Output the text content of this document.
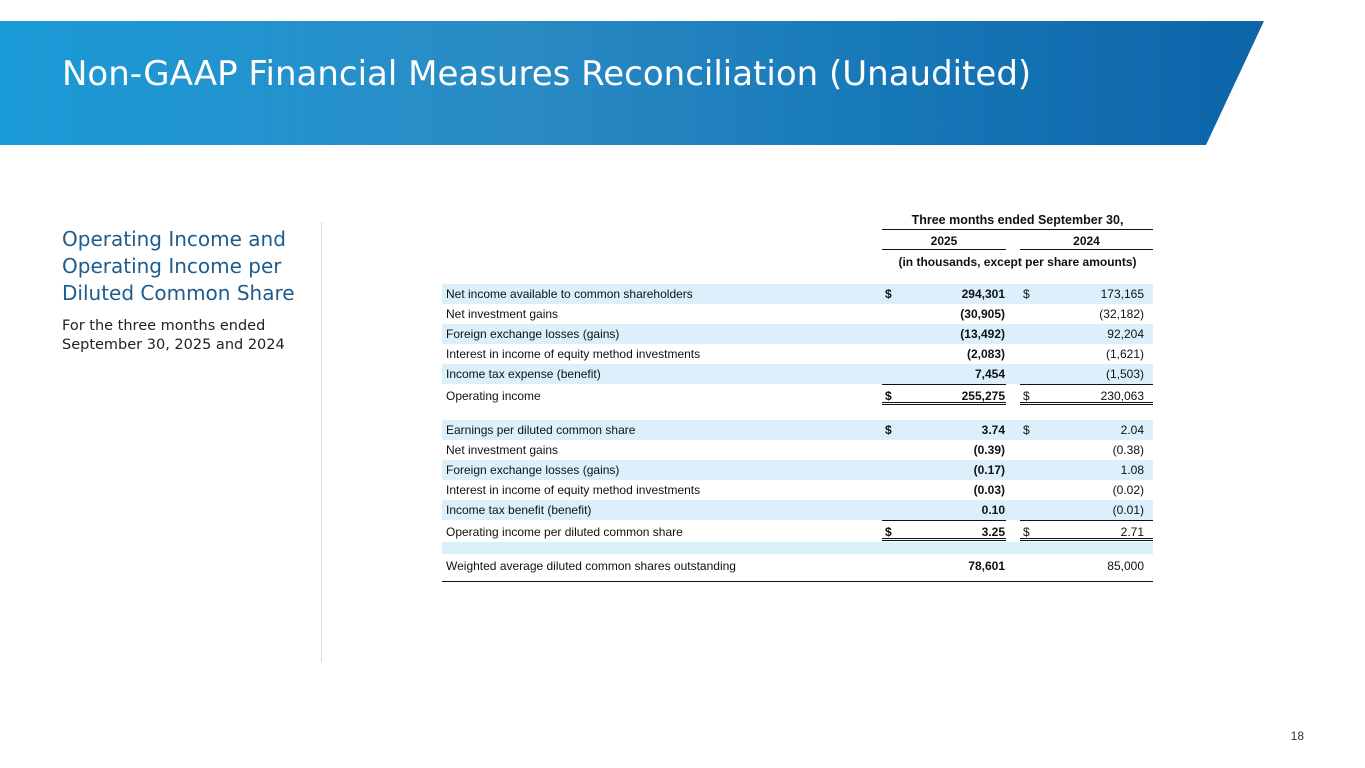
Non-GAAP Financial Measures Reconciliation (Unaudited)	AXIS
Operating Income and Operating Income per Diluted Common Share
For the three months ended September 30, 2025 and 2024
Three months ended September 30,
2025	2024
(in thousands, except per share amounts)
Net income available to common shareholders	$	294,301 $	173,165
Net investment gains	(30,905)	(32,182)
Foreign exchange losses (gains)	(13,492)	92,204
Interest in income of equity method investments	(2,083)	(1,621)
Income tax expense (benefit)	7,454	(1,503)
Operating income	$	255,275 $	230,063
Earnings per diluted common share	$	3.74 $	2.04
Net investment gains	(0.39)	(0.38)
Foreign exchange losses (gains)	(0.17)	1.08
Interest in income of equity method investments	(0.03)	(0.02)
Income tax benefit (benefit)	0.10	(0.01)
Operating income per diluted common share	$	3.25 $	2.71
Weighted average diluted common shares outstanding	78,601	85,000
18
